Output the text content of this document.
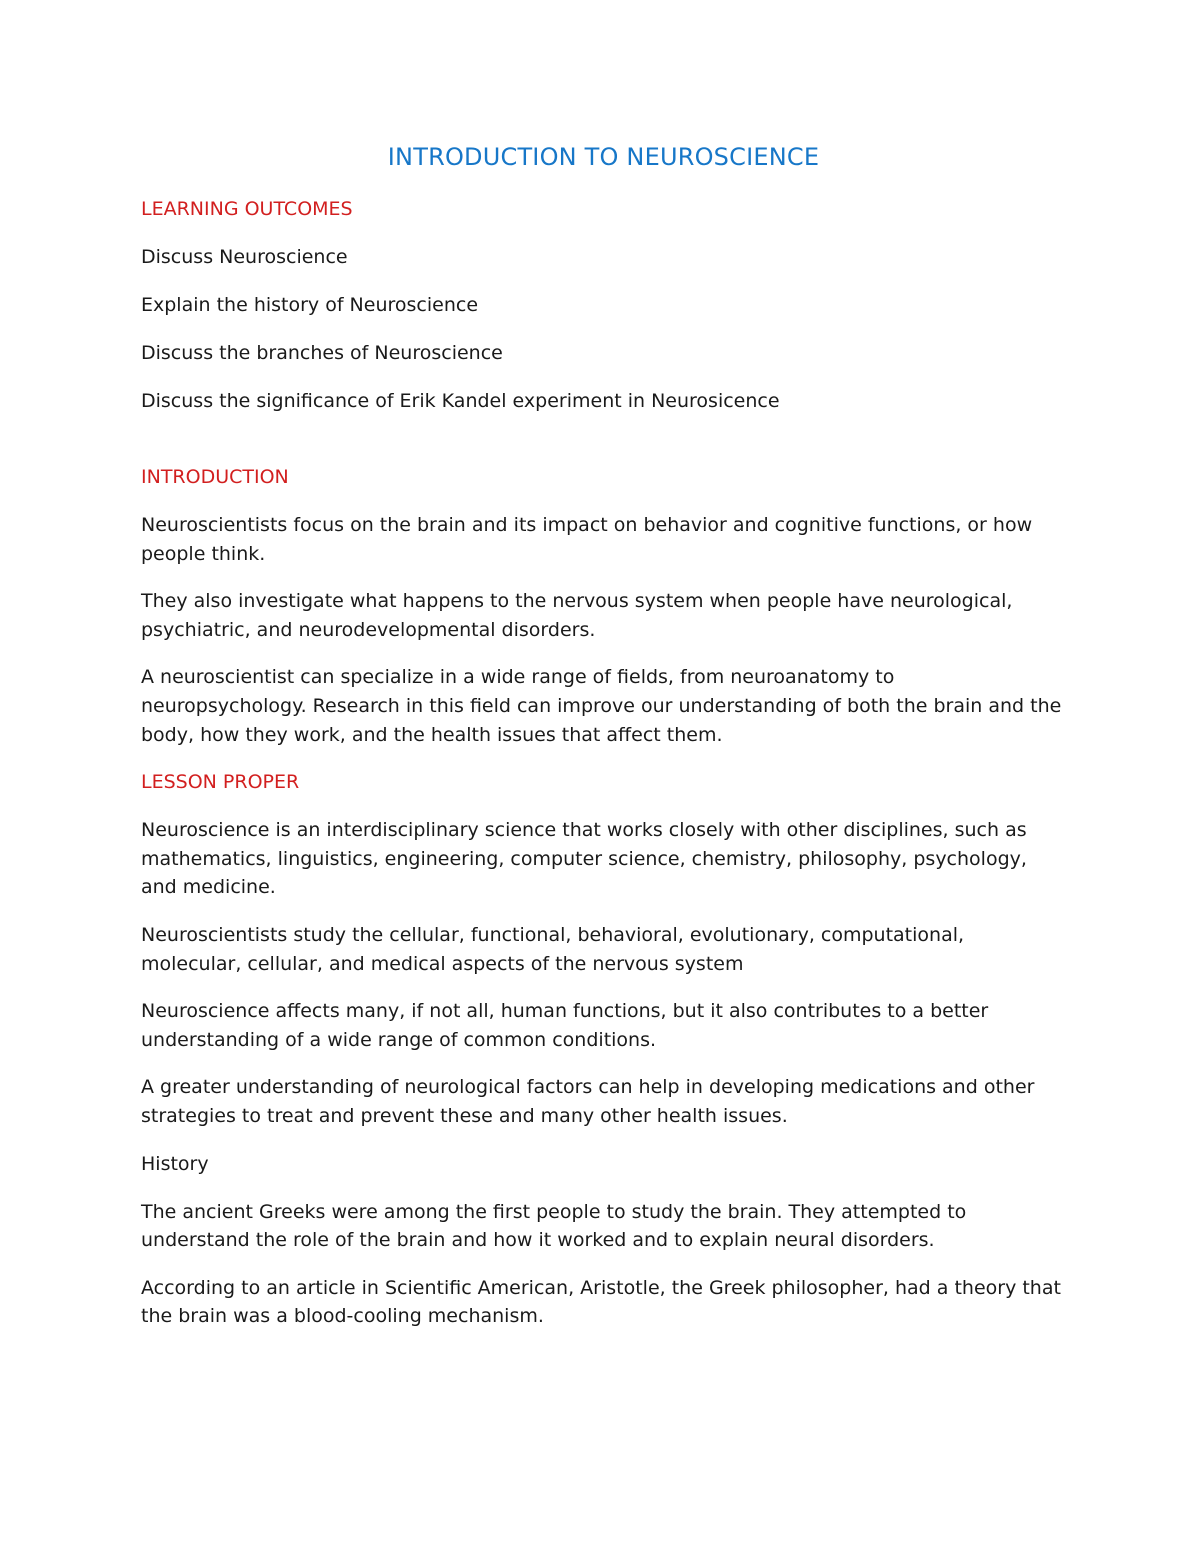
INTRODUCTION TO NEUROSCIENCE

LEARNING OUTCOMES

Discuss Neuroscience

Explain the history of Neuroscience

Discuss the branches of Neuroscience

Discuss the significance of Erik Kandel experiment in Neurosicence

INTRODUCTION

Neuroscientists focus on the brain and its impact on behavior and cognitive functions, or how people think.

They also investigate what happens to the nervous system when people have neurological, psychiatric, and neurodevelopmental disorders.

A neuroscientist can specialize in a wide range of fields, from neuroanatomy to neuropsychology. Research in this field can improve our understanding of both the brain and the body, how they work, and the health issues that affect them.

LESSON PROPER

Neuroscience is an interdisciplinary science that works closely with other disciplines, such as mathematics, linguistics, engineering, computer science, chemistry, philosophy, psychology, and medicine.

Neuroscientists study the cellular, functional, behavioral, evolutionary, computational, molecular, cellular, and medical aspects of the nervous system

Neuroscience affects many, if not all, human functions, but it also contributes to a better understanding of a wide range of common conditions.

A greater understanding of neurological factors can help in developing medications and other strategies to treat and prevent these and many other health issues.

History

The ancient Greeks were among the first people to study the brain. They attempted to understand the role of the brain and how it worked and to explain neural disorders.

According to an article in Scientific American, Aristotle, the Greek philosopher, had a theory that the brain was a blood-cooling mechanism.
